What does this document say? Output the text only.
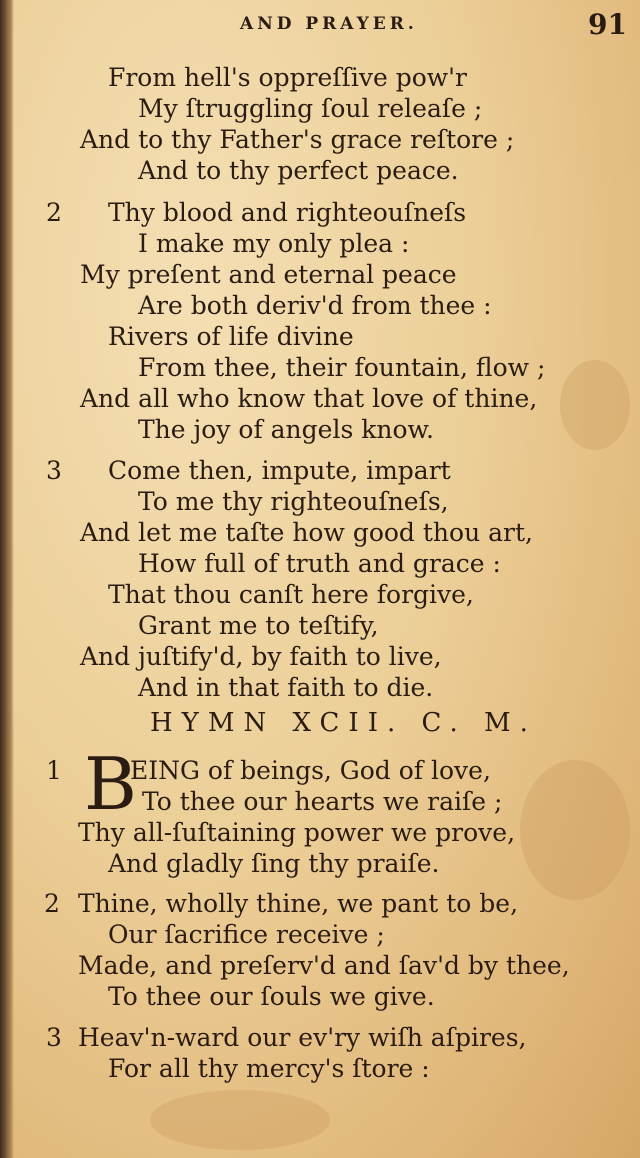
AND PRAYER.	91
From hell's oppreſſive pow'r
My ſtruggling ſoul releaſe ;
And to thy Father's grace reſtore ;
And to thy perfect peace.
2 Thy blood and righteouſneſs
I make my only plea :
My preſent and eternal peace
Are both deriv'd from thee :
Rivers of life divine
From thee, their fountain, flow ;
And all who know that love of thine,
The joy of angels know.
3 Come then, impute, impart
To me thy righteouſneſs,
And let me taſte how good thou art,
How full of truth and grace :
That thou canſt here forgive,
Grant me to teſtify,
And juſtify'd, by faith to live,
And in that faith to die.
HYMN XCII. C. M.
1 B
EING of beings, God of love,
To thee our hearts we raiſe ;
Thy all-ſuſtaining power we prove,
And gladly ſing thy praiſe.
2 Thine, wholly thine, we pant to be,
Our ſacrifice receive ;
Made, and preſerv'd and ſav'd by thee,
To thee our ſouls we give.
3 Heav'n-ward our ev'ry wiſh aſpires,
For all thy mercy's ſtore :
